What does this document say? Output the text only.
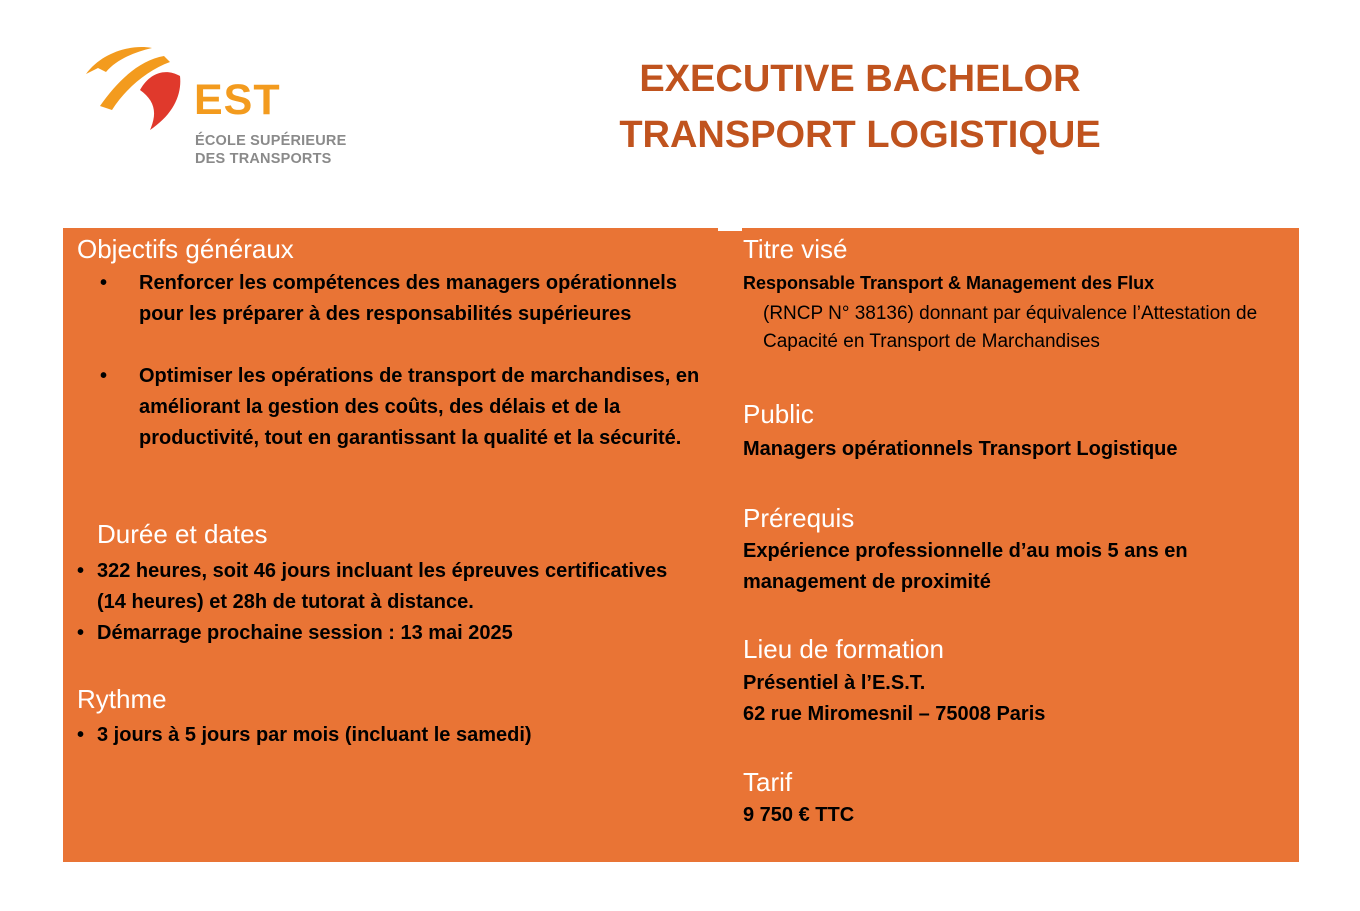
EST
ÉCOLE SUPÉRIEURE
DES TRANSPORTS
EXECUTIVE BACHELOR
TRANSPORT LOGISTIQUE
Objectifs généraux
•	Renforcer les compétences des managers opérationnels pour les préparer à des responsabilités supérieures
•	Optimiser les opérations de transport de marchandises, en améliorant la gestion des coûts, des délais et de la productivité, tout en garantissant la qualité et la sécurité.
Durée et dates
• 322 heures, soit 46 jours incluant les épreuves certificatives (14 heures) et 28h de tutorat à distance.
• Démarrage prochaine session : 13 mai 2025
Rythme
• 3 jours à 5 jours par mois (incluant le samedi)
Titre visé
Responsable Transport & Management des Flux
(RNCP N° 38136) donnant par équivalence l’Attestation de Capacité en Transport de Marchandises
Public
Managers opérationnels Transport Logistique
Prérequis
Expérience professionnelle d’au mois 5 ans en management de proximité
Lieu de formation
Présentiel à l’E.S.T.
62 rue Miromesnil – 75008 Paris
Tarif
9 750 € TTC
